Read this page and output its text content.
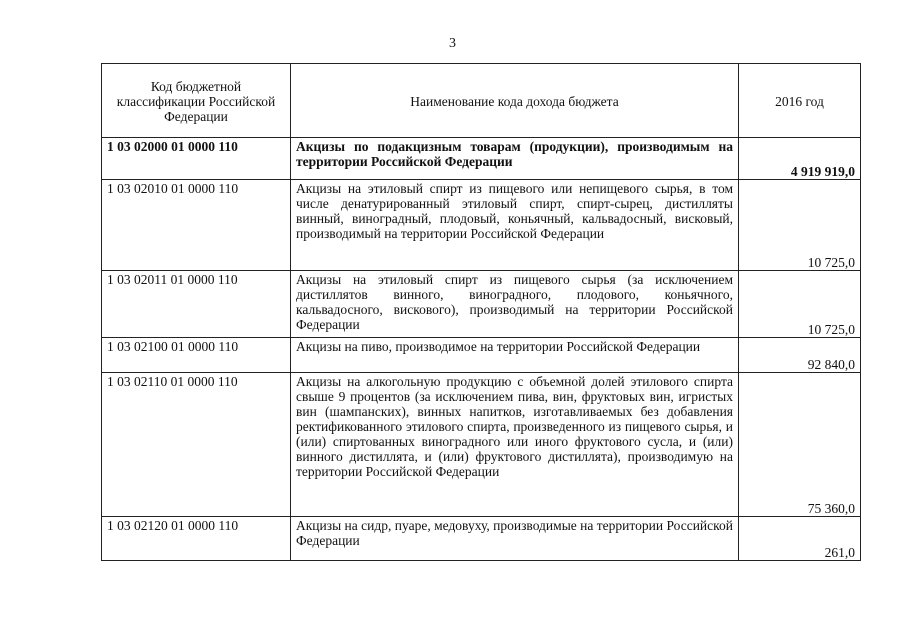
3
Код бюджетной классификации Российской Федерации	Наименование кода дохода бюджета	2016 год
1 03 02000 01 0000 110	Акцизы по подакцизным товарам (продукции), производимым на территории Российской Федерации	4 919 919,0
1 03 02010 01 0000 110	Акцизы на этиловый спирт из пищевого или непищевого сырья, в том числе денатурированный этиловый спирт, спирт-сырец, дистилляты винный, виноградный, плодовый, коньячный, кальвадосный, висковый, производимый на территории Российской Федерации	10 725,0
1 03 02011 01 0000 110	Акцизы на этиловый спирт из пищевого сырья (за исключением дистиллятов винного, виноградного, плодового, коньячного, кальвадосного, вискового), производимый на территории Российской Федерации	10 725,0
1 03 02100 01 0000 110	Акцизы на пиво, производимое на территории Российской Федерации	92 840,0
1 03 02110 01 0000 110	Акцизы на алкогольную продукцию с объемной долей этилового спирта свыше 9 процентов (за исключением пива, вин, фруктовых вин, игристых вин (шампанских), винных напитков, изготавливаемых без добавления ректификованного этилового спирта, произведенного из пищевого сырья, и (или) спиртованных виноградного или иного фруктового сусла, и (или) винного дистиллята, и (или) фруктового дистиллята), производимую на территории Российской Федерации	75 360,0
1 03 02120 01 0000 110	Акцизы на сидр, пуаре, медовуху, производимые на территории Российской Федерации	261,0
